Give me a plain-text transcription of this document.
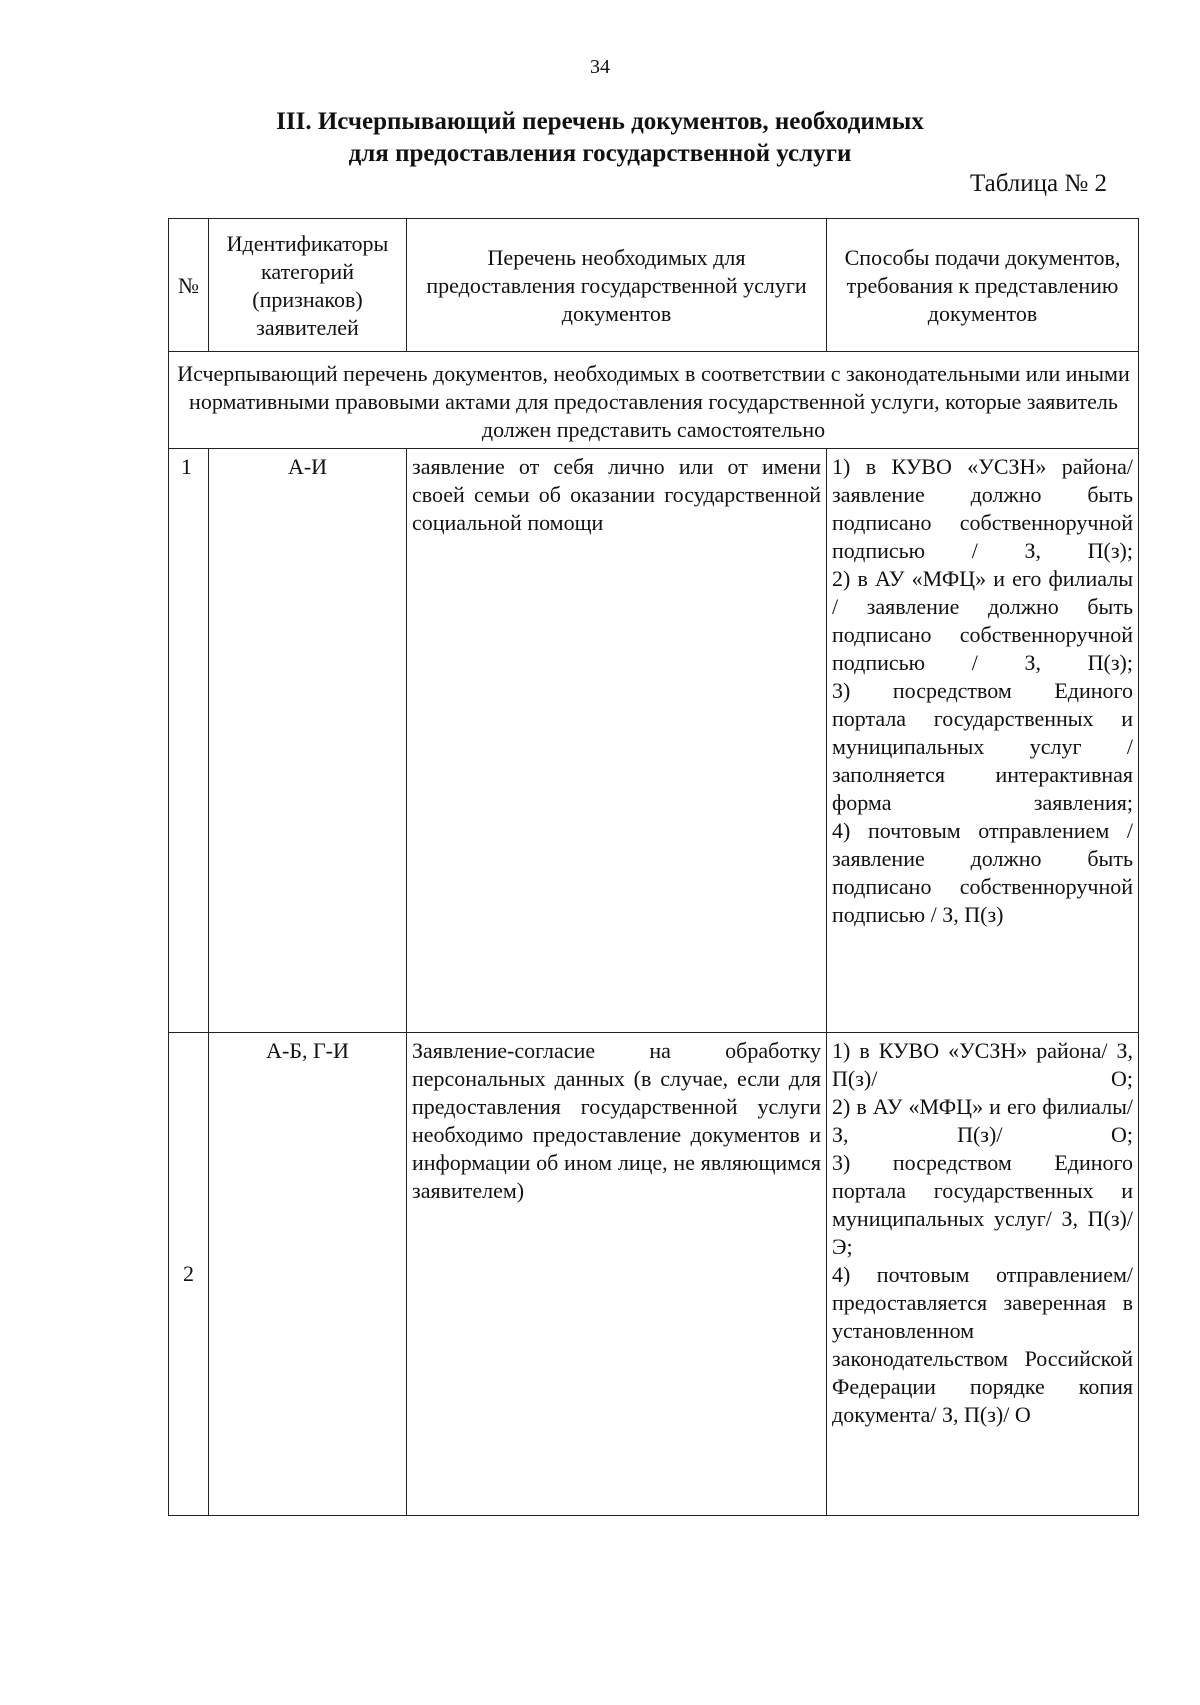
34
III. Исчерпывающий перечень документов, необходимых
для предоставления государственной услуги
Таблица № 2
№	Идентификаторы категорий (признаков) заявителей	Перечень необходимых для предоставления государственной услуги документов	Способы подачи документов, требования к представлению документов
Исчерпывающий перечень документов, необходимых в соответствии с законодательными или иными нормативными правовыми актами для предоставления государственной услуги, которые заявитель должен представить самостоятельно			
1	А-И	заявление от себя лично или от имени своей семьи об оказании государственной социальной помощи	1) в КУВО «УСЗН» района/ заявление должно быть подписано собственноручной подписью / З, П(з);
2) в АУ «МФЦ» и его филиалы / заявление должно быть подписано собственноручной подписью / З, П(з);
3) посредством Единого портала государственных и муниципальных услуг / заполняется интерактивная форма заявления;
4) почтовым отправлением / заявление должно быть подписано собственноручной подписью / З, П(з)

2	А-Б, Г-И	Заявление-согласие на обработку персональных данных (в случае, если для предоставления государственной услуги необходимо предоставление документов и информации об ином лице, не являющимся заявителем)	1) в КУВО «УСЗН» района/ З, П(з)/ О;
2) в АУ «МФЦ» и его филиалы/ З, П(з)/ О;
3) посредством Единого портала государственных и муниципальных услуг/ З, П(з)/ Э;
4) почтовым отправлением/ предоставляется заверенная в установленном законодательством Российской Федерации порядке копия документа/ З, П(з)/ О
